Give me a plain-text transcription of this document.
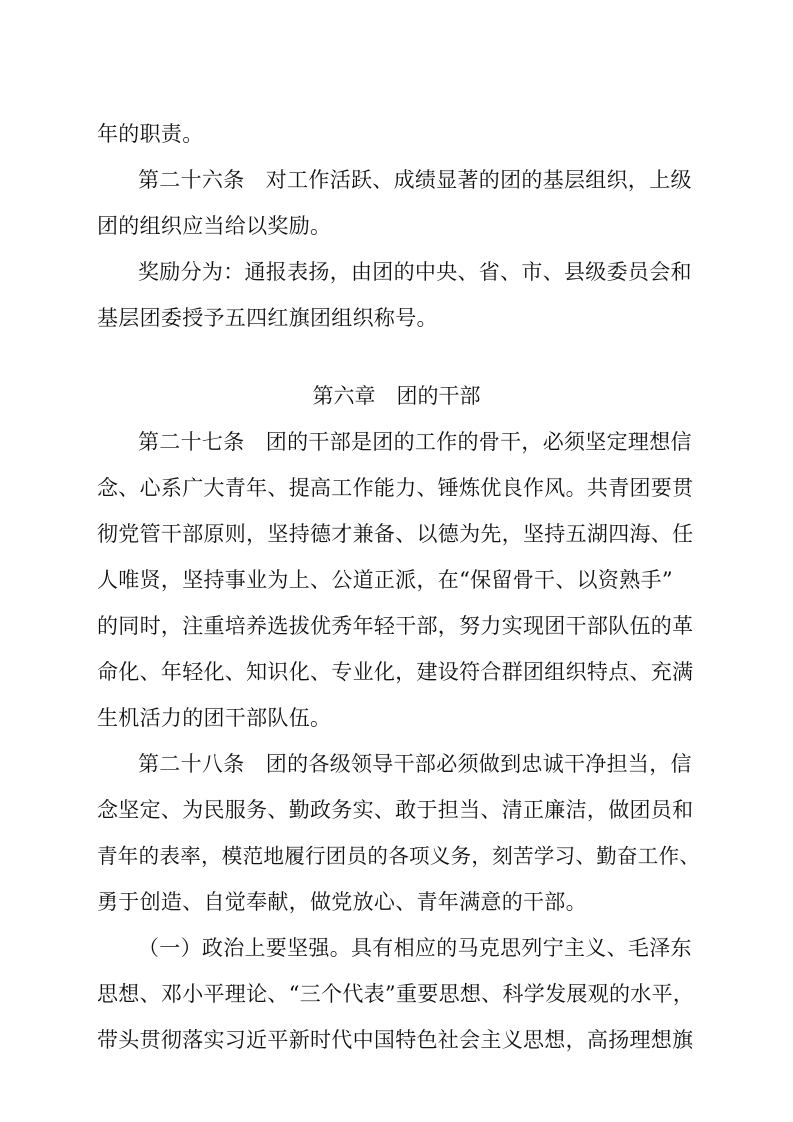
年的职责。
第二十六条　对工作活跃、成绩显著的团的基层组织，上级
团的组织应当给以奖励。
奖励分为：通报表扬，由团的中央、省、市、县级委员会和
基层团委授予五四红旗团组织称号。
第六章　团的干部
第二十七条　团的干部是团的工作的骨干，必须坚定理想信
念、心系广大青年、提高工作能力、锤炼优良作风。共青团要贯
彻党管干部原则，坚持德才兼备、以德为先，坚持五湖四海、任
人唯贤，坚持事业为上、公道正派，在“保留骨干、以资熟手”
的同时，注重培养选拔优秀年轻干部，努力实现团干部队伍的革
命化、年轻化、知识化、专业化，建设符合群团组织特点、充满
生机活力的团干部队伍。
第二十八条　团的各级领导干部必须做到忠诚干净担当，信
念坚定、为民服务、勤政务实、敢于担当、清正廉洁，做团员和
青年的表率，模范地履行团员的各项义务，刻苦学习、勤奋工作、
勇于创造、自觉奉献，做党放心、青年满意的干部。
（一）政治上要坚强。具有相应的马克思列宁主义、毛泽东
思想、邓小平理论、“三个代表”重要思想、科学发展观的水平，
带头贯彻落实习近平新时代中国特色社会主义思想，高扬理想旗
